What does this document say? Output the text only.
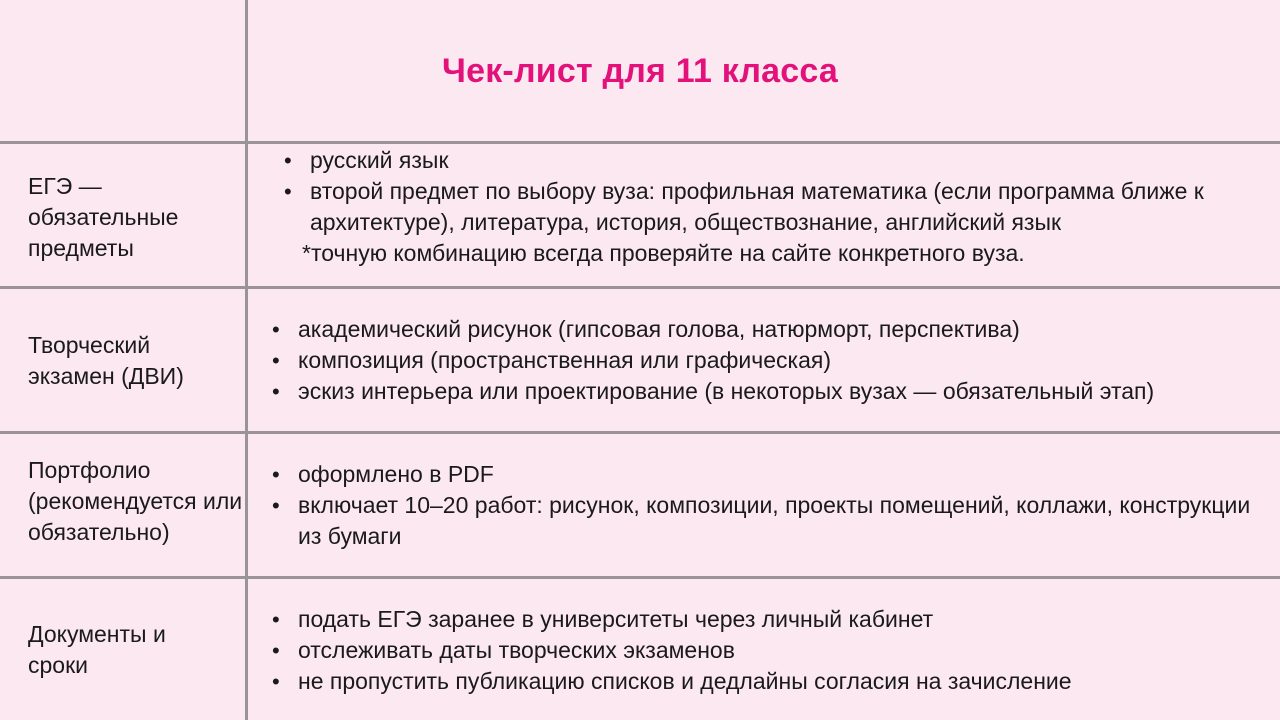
Чек-лист для 11 класса
ЕГЭ — обязательные предметы
• русский язык
• второй предмет по выбору вуза: профильная математика (если программа ближе к архитектуре), литература, история, обществознание, английский язык
*точную комбинацию всегда проверяйте на сайте конкретного вуза.
Творческий экзамен (ДВИ)
• академический рисунок (гипсовая голова, натюрморт, перспектива)
• композиция (пространственная или графическая)
• эскиз интерьера или проектирование (в некоторых вузах — обязательный этап)
Портфолио (рекомендуется или обязательно)
• оформлено в PDF
• включает 10–20 работ: рисунок, композиции, проекты помещений, коллажи, конструкции из бумаги
Документы и сроки
• подать ЕГЭ заранее в университеты через личный кабинет
• отслеживать даты творческих экзаменов
• не пропустить публикацию списков и дедлайны согласия на зачисление
